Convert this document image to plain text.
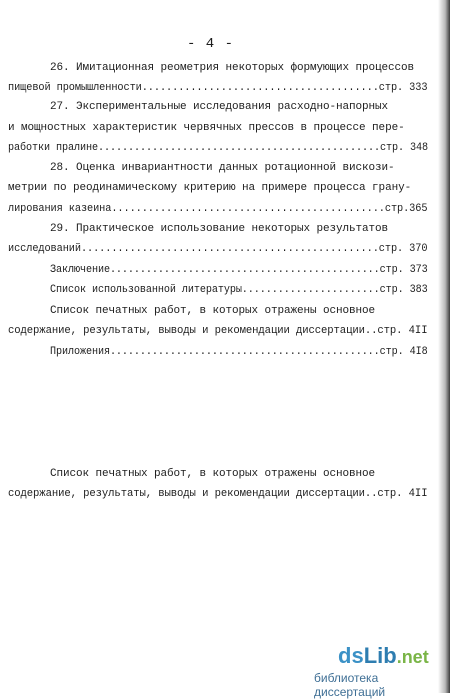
- 4 -
26. Имитационная реометрия некоторых формующих процессов
пищевой промышленности.......................................стр. 333
27. Экспериментальные исследования расходно-напорных
и мощностных характеристик червячных прессов в процессе пере-
работки пралине...............................................стр. 348
28. Оценка инвариантности данных ротационной вискози-
метрии по реодинамическому критерию на примере процесса грану-
лирования казеина.............................................стр.365
29. Практическое использование некоторых результатов
исследований.................................................стр. 370
Заключение.............................................стр. 373
Список использованной литературы.......................стр. 383
Список печатных работ, в которых отражены основное
содержание, результаты, выводы и рекомендации диссертации..стр. 4II
Приложения.............................................стр. 4I8
Список печатных работ, в которых отражены основное
содержание, результаты, выводы и рекомендации диссертации..стр. 4II
dsLib.net
библиотека диссертаций
